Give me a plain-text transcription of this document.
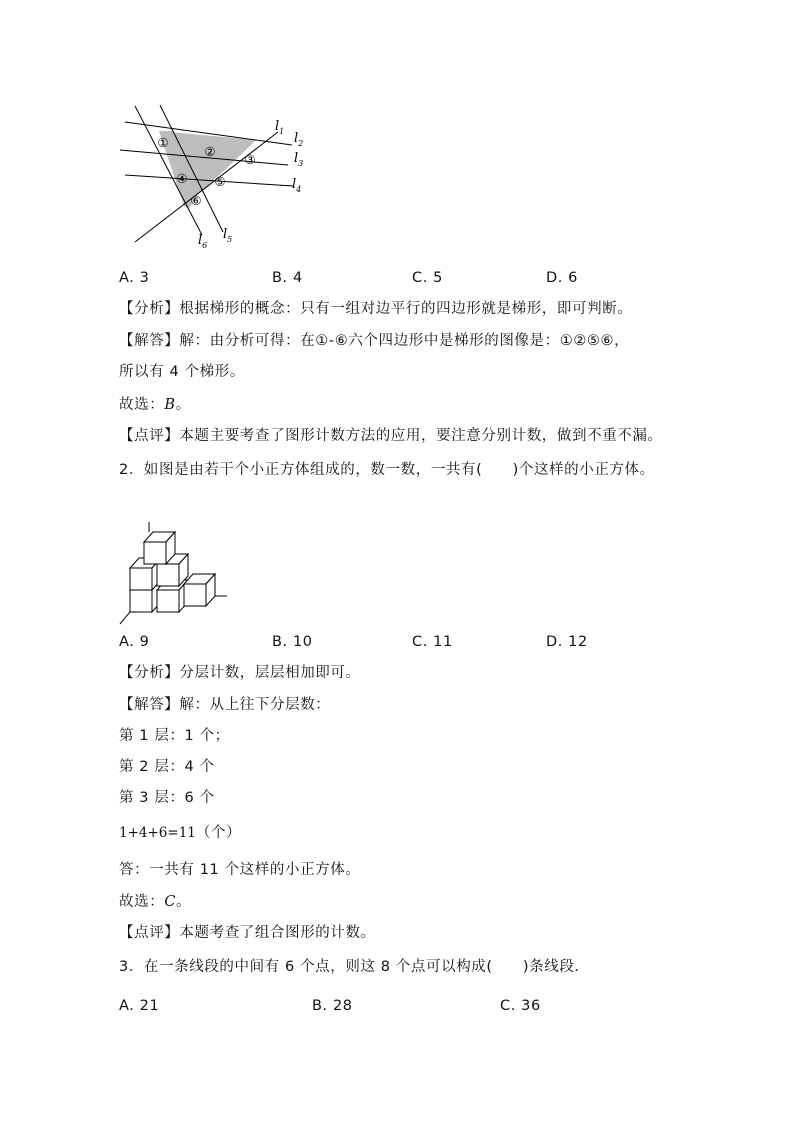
①
②
③
④ ⑤
⑥
$l_1$ $l_2$
$l_3$
$l_4$
$l_5$
$l_6$
A. 3	B. 4	C. 5	D. 6
【分析】根据梯形的概念：只有一组对边平行的四边形就是梯形，即可判断。
【解答】解：由分析可得：在①-⑥六个四边形中是梯形的图像是：①②⑤⑥，
所以有 4 个梯形。
故选：B。
【点评】本题主要考查了图形计数方法的应用，要注意分别计数，做到不重不漏。
2．如图是由若干个小正方体组成的，数一数，一共有(　　)个这样的小正方体。
A. 9	B. 10	C. 11	D. 12
【分析】分层计数，层层相加即可。
【解答】解：从上往下分层数：
第 1 层：1 个；
第 2 层：4 个
第 3 层：6 个
1+4+6=11（个）
答：一共有 11 个这样的小正方体。
故选：C。
【点评】本题考查了组合图形的计数。
3．在一条线段的中间有 6 个点，则这 8 个点可以构成(　　)条线段．
A. 21	B. 28	C. 36
